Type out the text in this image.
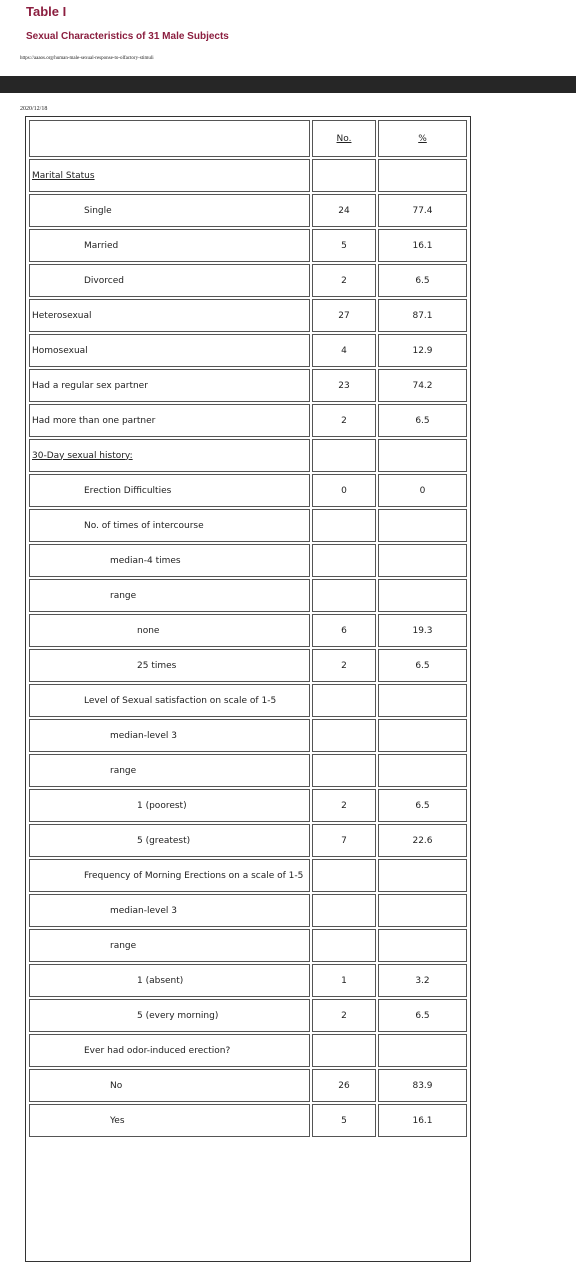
Table I
Sexual Characteristics of 31 Male Subjects
https://aaaos.org/human-male-sexual-response-to-olfactory-stimuli
2020/12/18
	No.	%

Marital Status		

Single	24	77.4

Married	5	16.1

Divorced	2	6.5

Heterosexual	27	87.1

Homosexual	4	12.9

Had a regular sex partner	23	74.2

Had more than one partner	2	6.5

30-Day sexual history:		

Erection Difficulties	0	0

No. of times of intercourse		

median-4 times		

range		

none	6	19.3

25 times	2	6.5

Level of Sexual satisfaction on scale of 1-5		

median-level 3		

range		

1 (poorest)	2	6.5

5 (greatest)	7	22.6

Frequency of Morning Erections on a scale of 1-5		

median-level 3		

range		

1 (absent)	1	3.2

5 (every morning)	2	6.5

Ever had odor-induced erection?		

No	26	83.9

Yes	5	16.1
